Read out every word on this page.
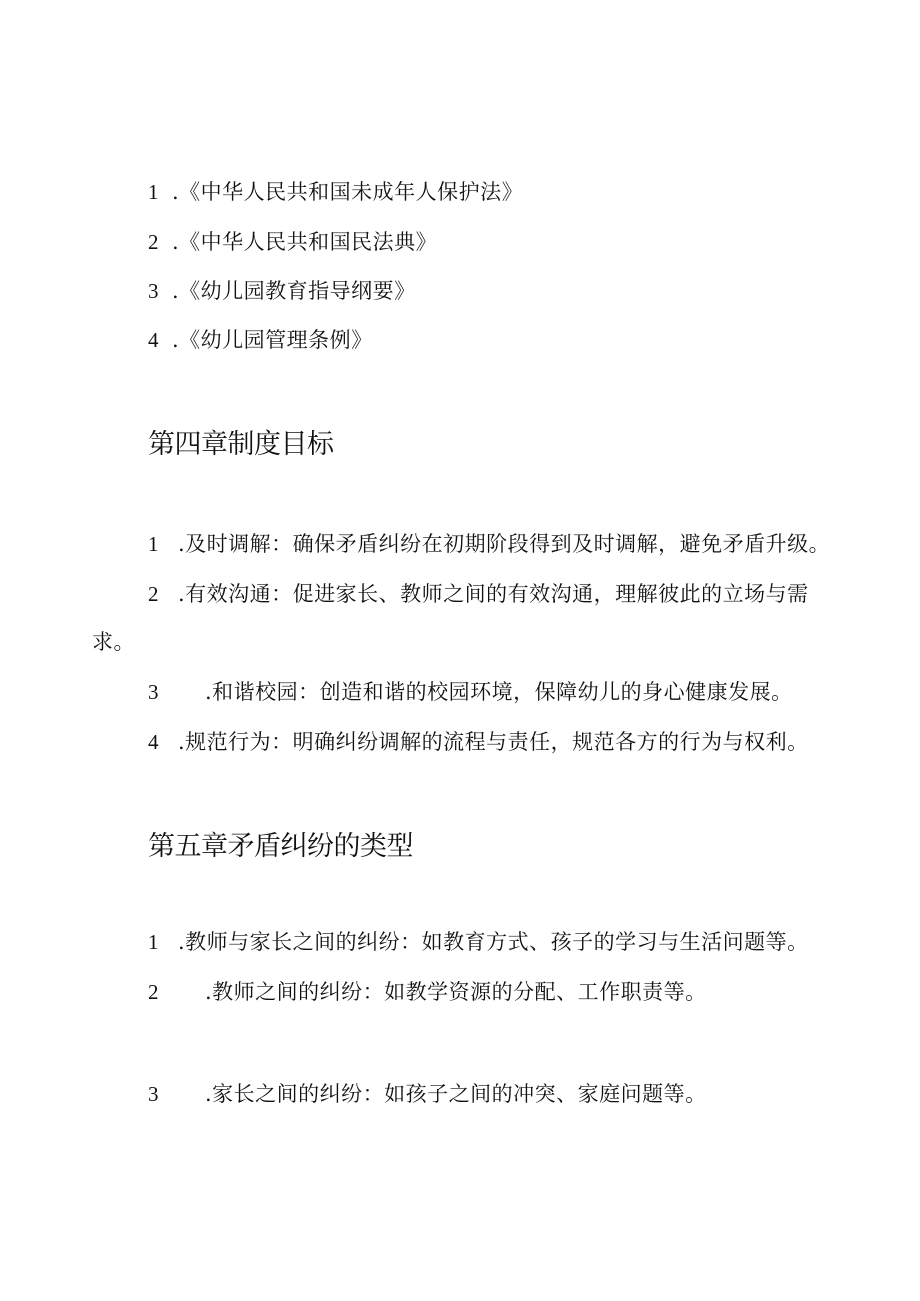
1 .《中华人民共和国未成年人保护法》
2 .《中华人民共和国民法典》
3 .《幼儿园教育指导纲要》
4 .《幼儿园管理条例》
第四章制度目标
1 .及时调解：确保矛盾纠纷在初期阶段得到及时调解，避免矛盾升级。
2 .有效沟通：促进家长、教师之间的有效沟通，理解彼此的立场与需
求。
3 .和谐校园：创造和谐的校园环境，保障幼儿的身心健康发展。
4 .规范行为：明确纠纷调解的流程与责任，规范各方的行为与权利。
第五章矛盾纠纷的类型
1 .教师与家长之间的纠纷：如教育方式、孩子的学习与生活问题等。
2 .教师之间的纠纷：如教学资源的分配、工作职责等。
3 .家长之间的纠纷：如孩子之间的冲突、家庭问题等。
